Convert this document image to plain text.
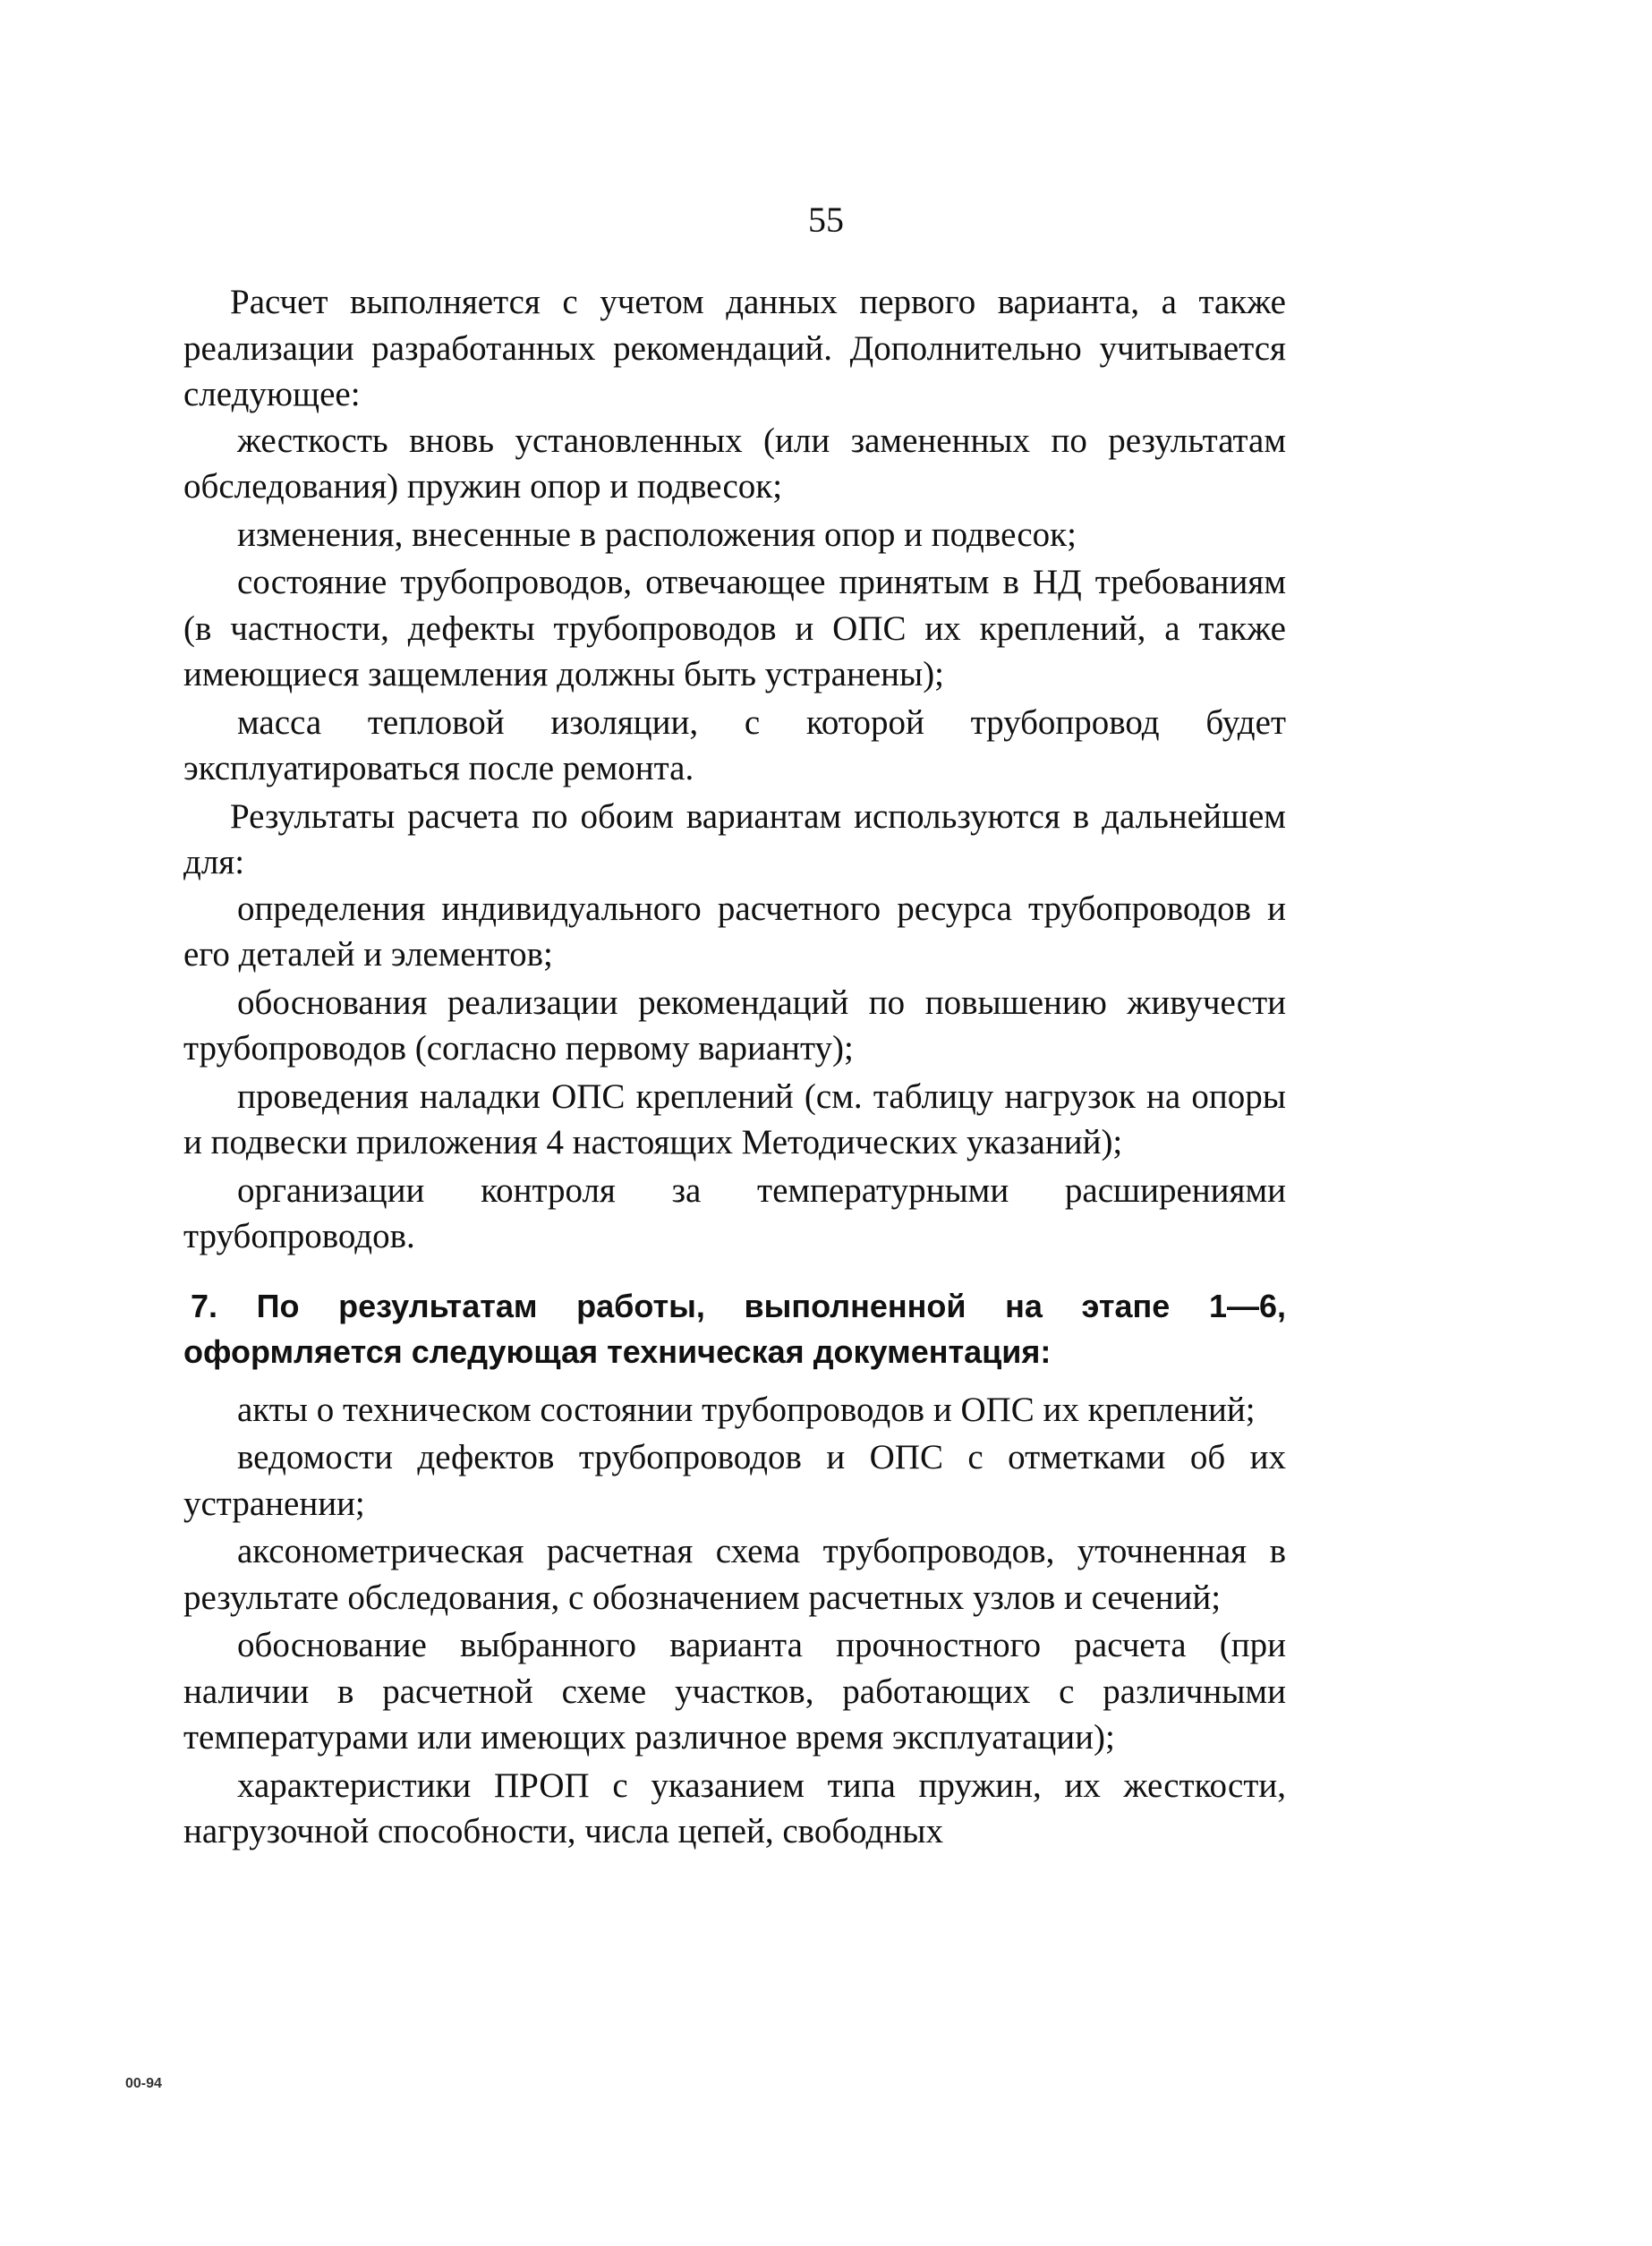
55

Расчет выполняется с учетом данных первого варианта, а также реализации разработанных рекомендаций. Дополнительно учитывается следующее:

жесткость вновь установленных (или замененных по результатам обследования) пружин опор и подвесок;

изменения, внесенные в расположения опор и подвесок;

состояние трубопроводов, отвечающее принятым в НД требованиям (в частности, дефекты трубопроводов и ОПС их креплений, а также имеющиеся защемления должны быть устранены);

масса тепловой изоляции, с которой трубопровод будет эксплуатироваться после ремонта.

Результаты расчета по обоим вариантам используются в дальнейшем для:

определения индивидуального расчетного ресурса трубопроводов и его деталей и элементов;

обоснования реализации рекомендаций по повышению живучести трубопроводов (согласно первому варианту);

проведения наладки ОПС креплений (см. таблицу нагрузок на опоры и подвески приложения 4 настоящих Методических указаний);

организации контроля за температурными расширениями трубопроводов.

7. По результатам работы, выполненной на этапе 1—6, оформляется следующая техническая документация:

акты о техническом состоянии трубопроводов и ОПС их креплений;

ведомости дефектов трубопроводов и ОПС с отметками об их устранении;

аксонометрическая расчетная схема трубопроводов, уточненная в результате обследования, с обозначением расчетных узлов и сечений;

обоснование выбранного варианта прочностного расчета (при наличии в расчетной схеме участков, работающих с различными температурами или имеющих различное время эксплуатации);

характеристики ПРОП с указанием типа пружин, их жесткости, нагрузочной способности, числа цепей, свободных

00-94
